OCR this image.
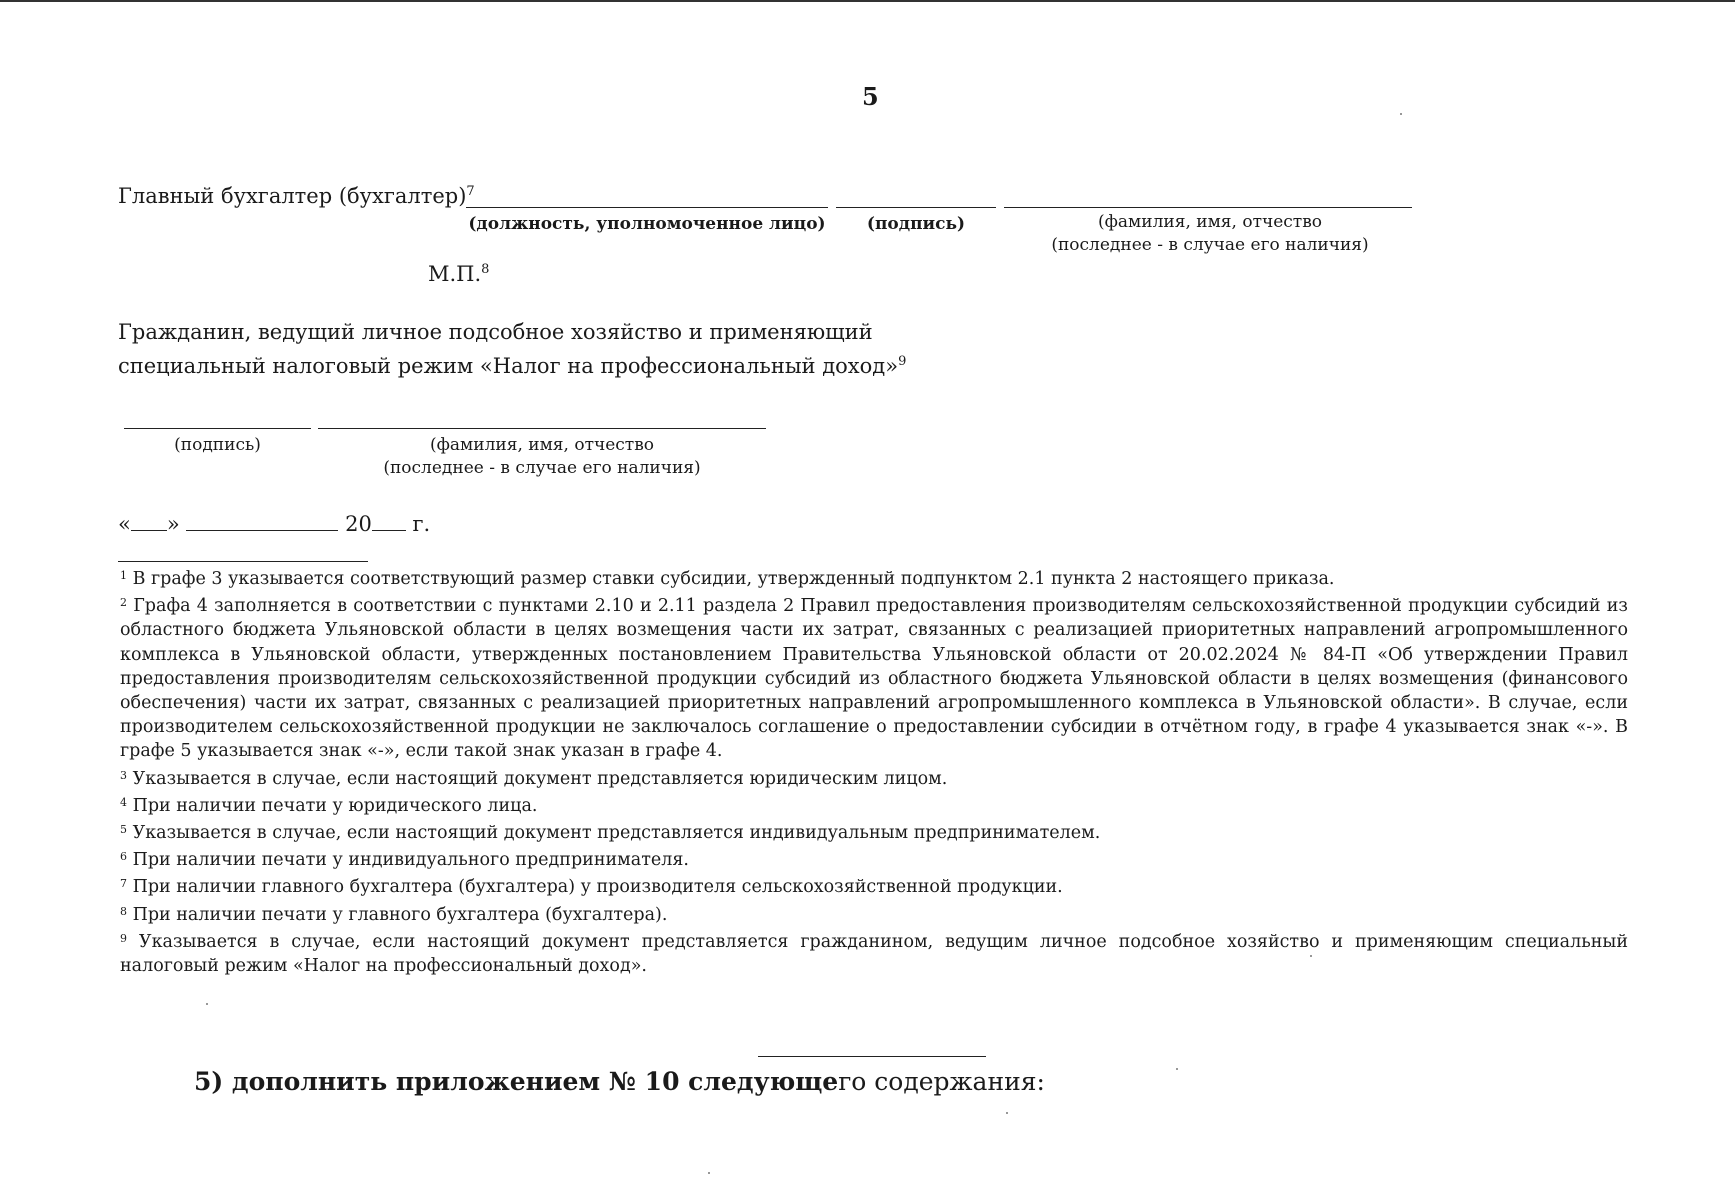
5
Главный бухгалтер (бухгалтер)$^7$
(должность, уполномоченное лицо)	(подпись)	(фамилия, имя, отчество
(последнее - в случае его наличия)
М.П.$^8$
Гражданин, ведущий личное подсобное хозяйство и применяющий
специальный налоговый режим «Налог на профессиональный доход»$^9$
(подпись)	(фамилия, имя, отчество
(последнее - в случае его наличия)
« »	20 г.

$^1$ В графе 3 указывается соответствующий размер ставки субсидии, утвержденный подпунктом 2.1 пункта 2 настоящего приказа.

$^2$ Графа 4 заполняется в соответствии с пунктами 2.10 и 2.11 раздела 2 Правил предоставления производителям сельскохозяйственной продукции субсидий из областного бюджета Ульяновской области в целях возмещения части их затрат, связанных с реализацией приоритетных направлений агропромышленного комплекса в Ульяновской области, утвержденных постановлением Правительства Ульяновской области от 20.02.2024 № 84-П «Об утверждении Правил предоставления производителям сельскохозяйственной продукции субсидий из областного бюджета Ульяновской области в целях возмещения (финансового обеспечения) части их затрат, связанных с реализацией приоритетных направлений агропромышленного комплекса в Ульяновской области». В случае, если производителем сельскохозяйственной продукции не заключалось соглашение о предоставлении субсидии в отчётном году, в графе 4 указывается знак «-». В графе 5 указывается знак «-», если такой знак указан в графе 4.

$^3$ Указывается в случае, если настоящий документ представляется юридическим лицом.

$^4$ При наличии печати у юридического лица.

$^5$ Указывается в случае, если настоящий документ представляется индивидуальным предпринимателем.

$^6$ При наличии печати у индивидуального предпринимателя.

$^7$ При наличии главного бухгалтера (бухгалтера) у производителя сельскохозяйственной продукции.

$^8$ При наличии печати у главного бухгалтера (бухгалтера).

$^9$ Указывается в случае, если настоящий документ представляется гражданином, ведущим личное подсобное хозяйство и применяющим специальный налоговый режим «Налог на профессиональный доход».

5) дополнить приложением № 10 следующего содержания:
